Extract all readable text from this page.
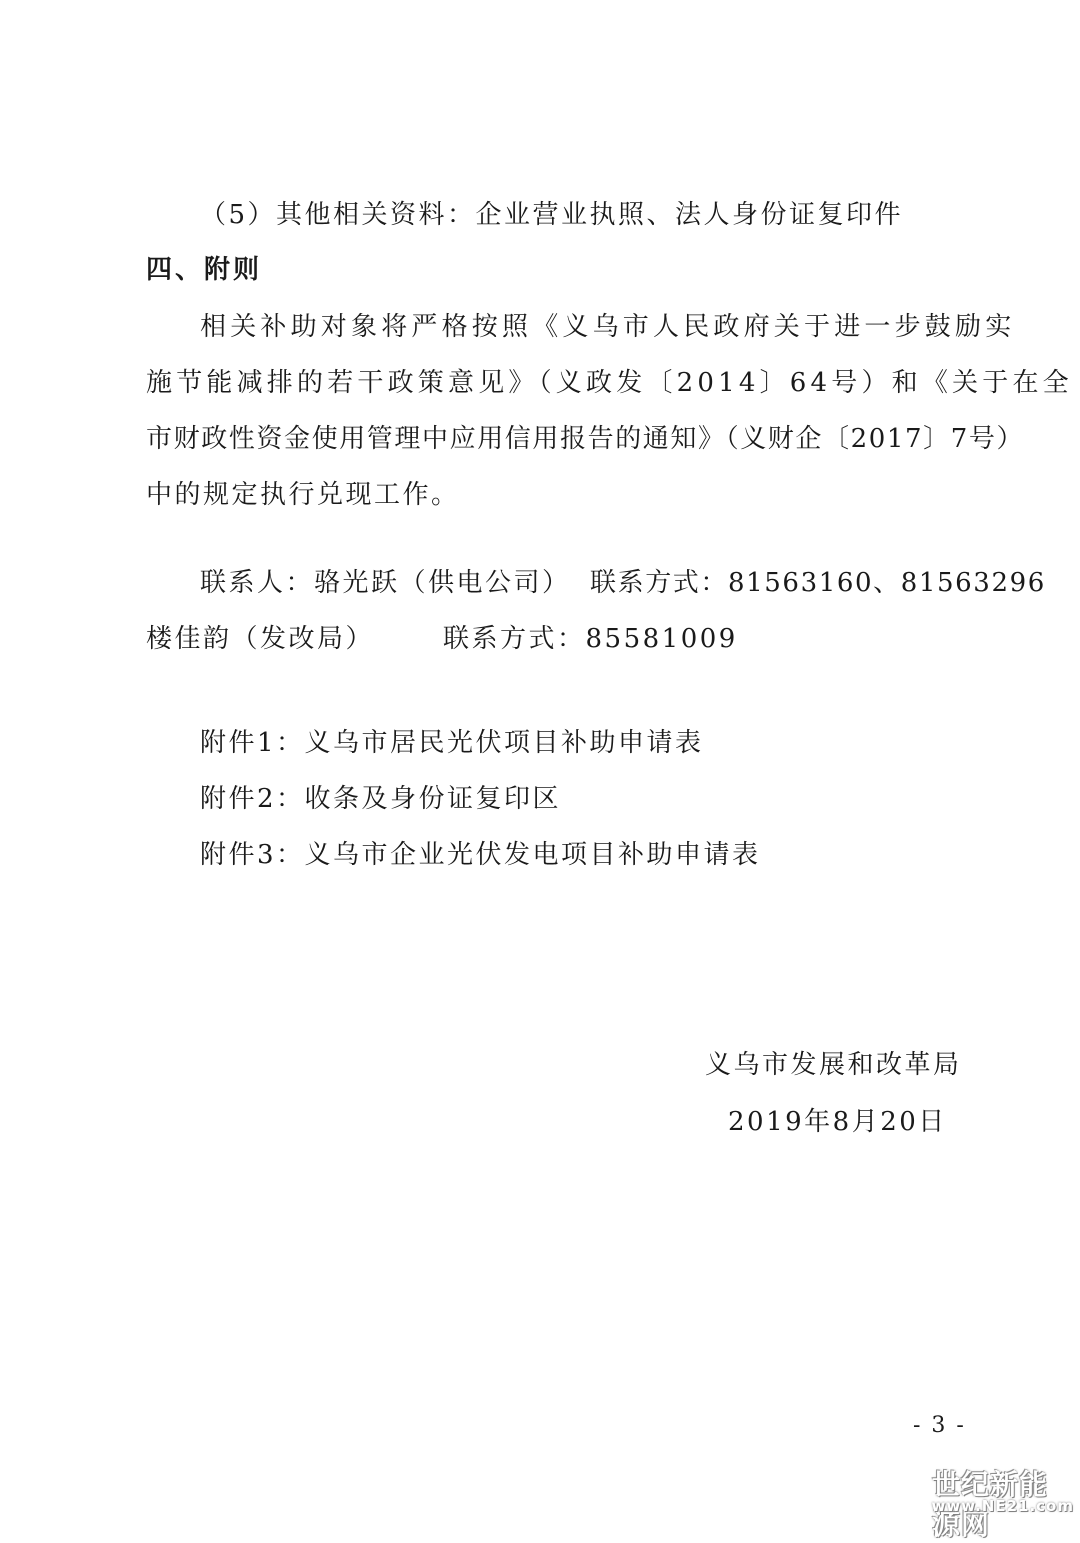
（5）其他相关资料：企业营业执照、法人身份证复印件
四、附则
相关补助对象将严格按照《义乌市人民政府关于进一步鼓励实
施节能减排的若干政策意见》（义政发〔2014〕64号）和《关于在全
市财政性资金使用管理中应用信用报告的通知》（义财企〔2017〕7号）
中的规定执行兑现工作。
联系人：骆光跃（供电公司） 联系方式：81563160、81563296
楼佳韵（发改局）	联系方式：85581009
附件1：义乌市居民光伏项目补助申请表
附件2：收条及身份证复印区
附件3：义乌市企业光伏发电项目补助申请表
义乌市发展和改革局
2019年8月20日
- 3 -
世纪新能源网
www.NE21.com
